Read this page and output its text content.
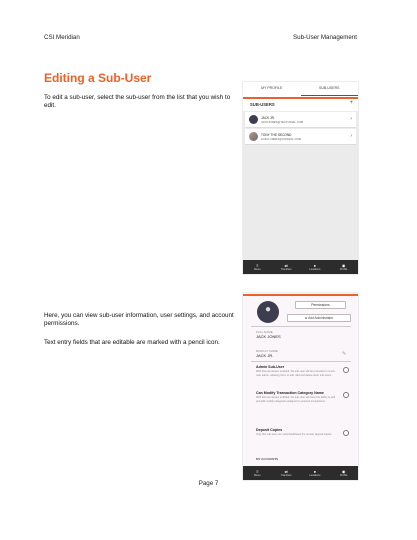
CSI Meridian	Sub-User Management
Editing a Sub-User
To edit a sub-user, select the sub-user from the list that you wish to edit.
Here, you can view sub-user information, user settings, and account permissions.
Text entry fields that are editable are marked with a pencil icon.
MY PROFILE	SUB-USERS
SUB-USERS	+
JACK JR.
JACKJONES@TECTONIAL.COM	›
TONY THE SECOND
LINDA.VIEIRA@CONSOL.COM	›
≡
Menu
⇄
Transfers
●
Locations
◉
Profile
●	Permissions
⊕ Add Administrator
FULL NAME
JACK JONES
DISPLAY NAME
JACK JR.	✎
Admin Sub-User
With this permission enabled, the sub-user will be promoted to a sub-user admin, allowing them to edit, add and delete other sub-users.
Can Modify Transaction Category Name
With this permission enabled, the sub-user will have the ability to edit and add modify categories assigned to account transactions.
Deposit Copies
Only this sub-user can submit/edit/view the remote deposit copies.
MY ACCOUNTS
≡
Menu
⇄
Transfers
●
Locations
◉
Profile
Page 7
